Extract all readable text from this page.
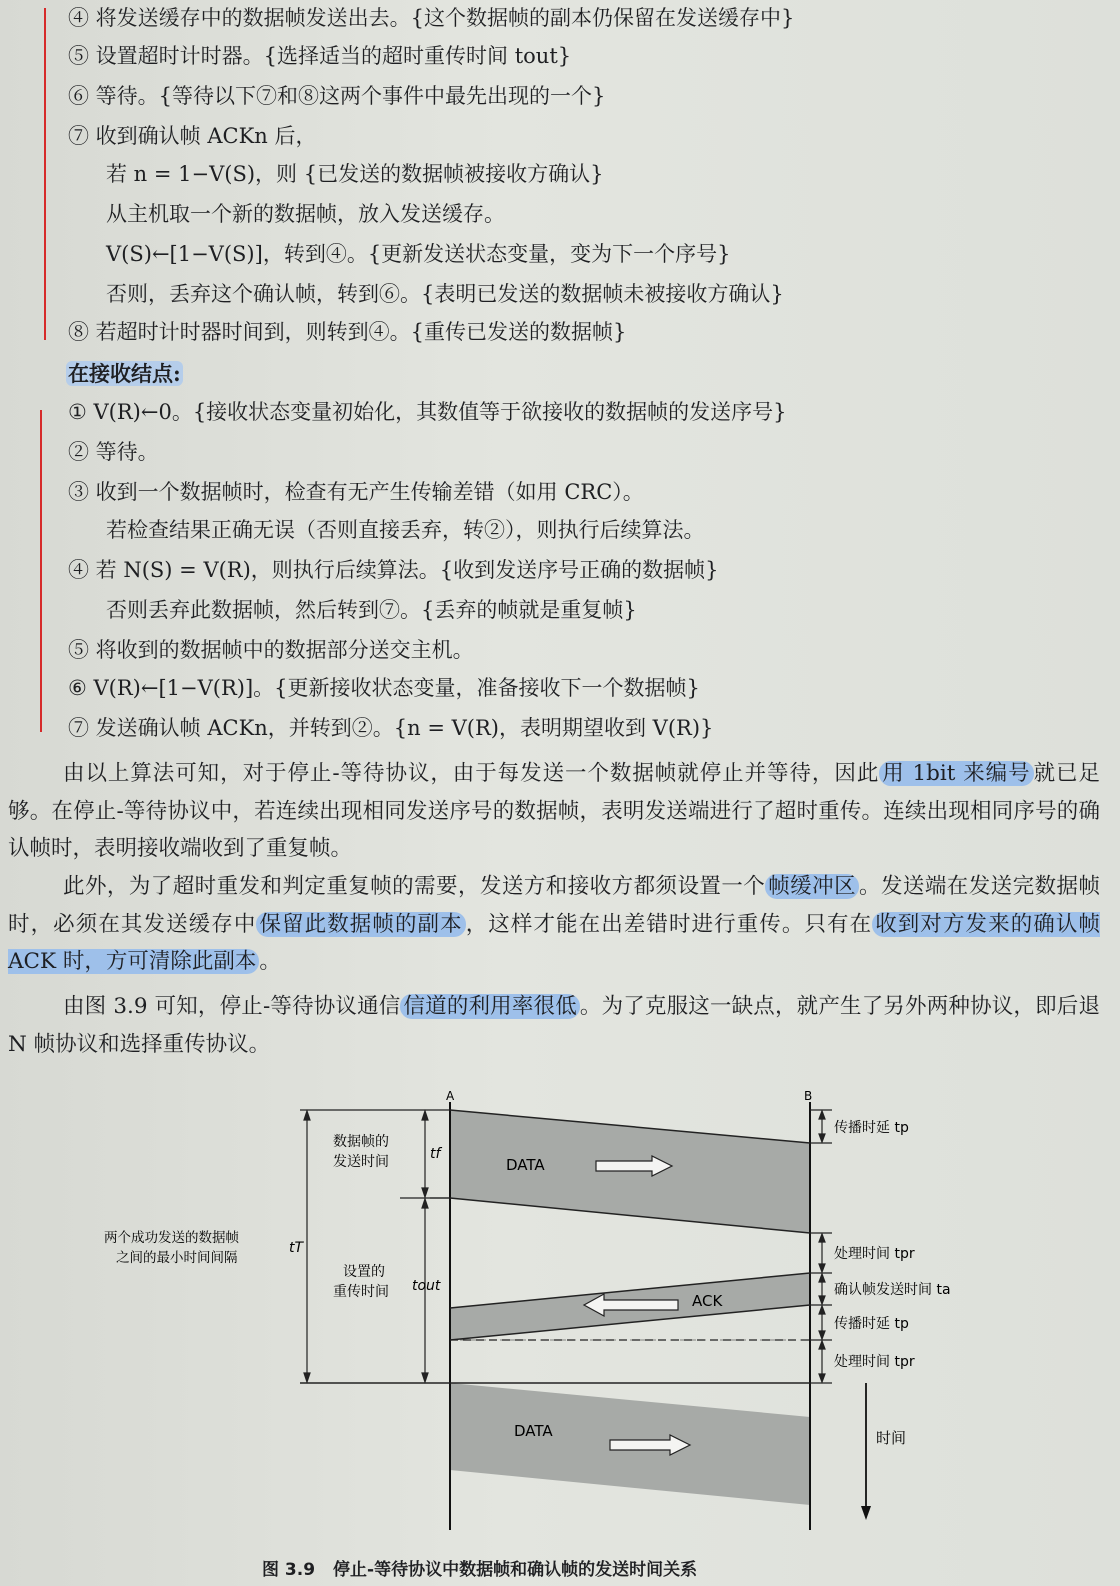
④ 将发送缓存中的数据帧发送出去。{这个数据帧的副本仍保留在发送缓存中}
⑤ 设置超时计时器。{选择适当的超时重传时间 tout}
⑥ 等待。{等待以下⑦和⑧这两个事件中最先出现的一个}
⑦ 收到确认帧 ACKn 后，
若 n = 1−V(S)，则 {已发送的数据帧被接收方确认}
从主机取一个新的数据帧，放入发送缓存。
V(S)←[1−V(S)]，转到④。{更新发送状态变量，变为下一个序号}
否则，丢弃这个确认帧，转到⑥。{表明已发送的数据帧未被接收方确认}
⑧ 若超时计时器时间到，则转到④。{重传已发送的数据帧}
在接收结点:
① V(R)←0。{接收状态变量初始化，其数值等于欲接收的数据帧的发送序号}
② 等待。
③ 收到一个数据帧时，检查有无产生传输差错（如用 CRC）。
若检查结果正确无误（否则直接丢弃，转②），则执行后续算法。
④ 若 N(S) = V(R)，则执行后续算法。{收到发送序号正确的数据帧}
否则丢弃此数据帧，然后转到⑦。{丢弃的帧就是重复帧}
⑤ 将收到的数据帧中的数据部分送交主机。
⑥ V(R)←[1−V(R)]。{更新接收状态变量，准备接收下一个数据帧}
⑦ 发送确认帧 ACKn，并转到②。{n = V(R)，表明期望收到 V(R)}
由以上算法可知，对于停止-等待协议，由于每发送一个数据帧就停止并等待，因此 用 1bit 来编号 就已足够。在停止-等待协议中，若连续出现相同发送序号的数据帧，表明发送端进行了超时重传。连续出现相同序号的确认帧时，表明接收端收到了重复帧。
此外，为了超时重发和判定重复帧的需要，发送方和接收方都须设置一个 帧缓冲区 。发送端在发送完数据帧时，必须在其发送缓存中 保留此数据帧的副本 ，这样才能在出差错时进行重传。只有在 收到对方发来的确认帧 ACK 时，方可清除此副本 。
由图 3.9 可知，停止-等待协议通信 信道的利用率很低 。为了克服这一缺点，就产生了另外两种协议，即后退 N 帧协议和选择重传协议。
A	B
DATA
DATA
ACK
数据帧的
发送时间	tf
两个成功发送的数据帧
之间的最小时间间隔
tT
设置的
重传时间 tout
传播时延 tp
处理时间 tpr
确认帧发送时间 ta
传播时延 tp
处理时间 tpr
时间
图 3.9 停止-等待协议中数据帧和确认帧的发送时间关系
